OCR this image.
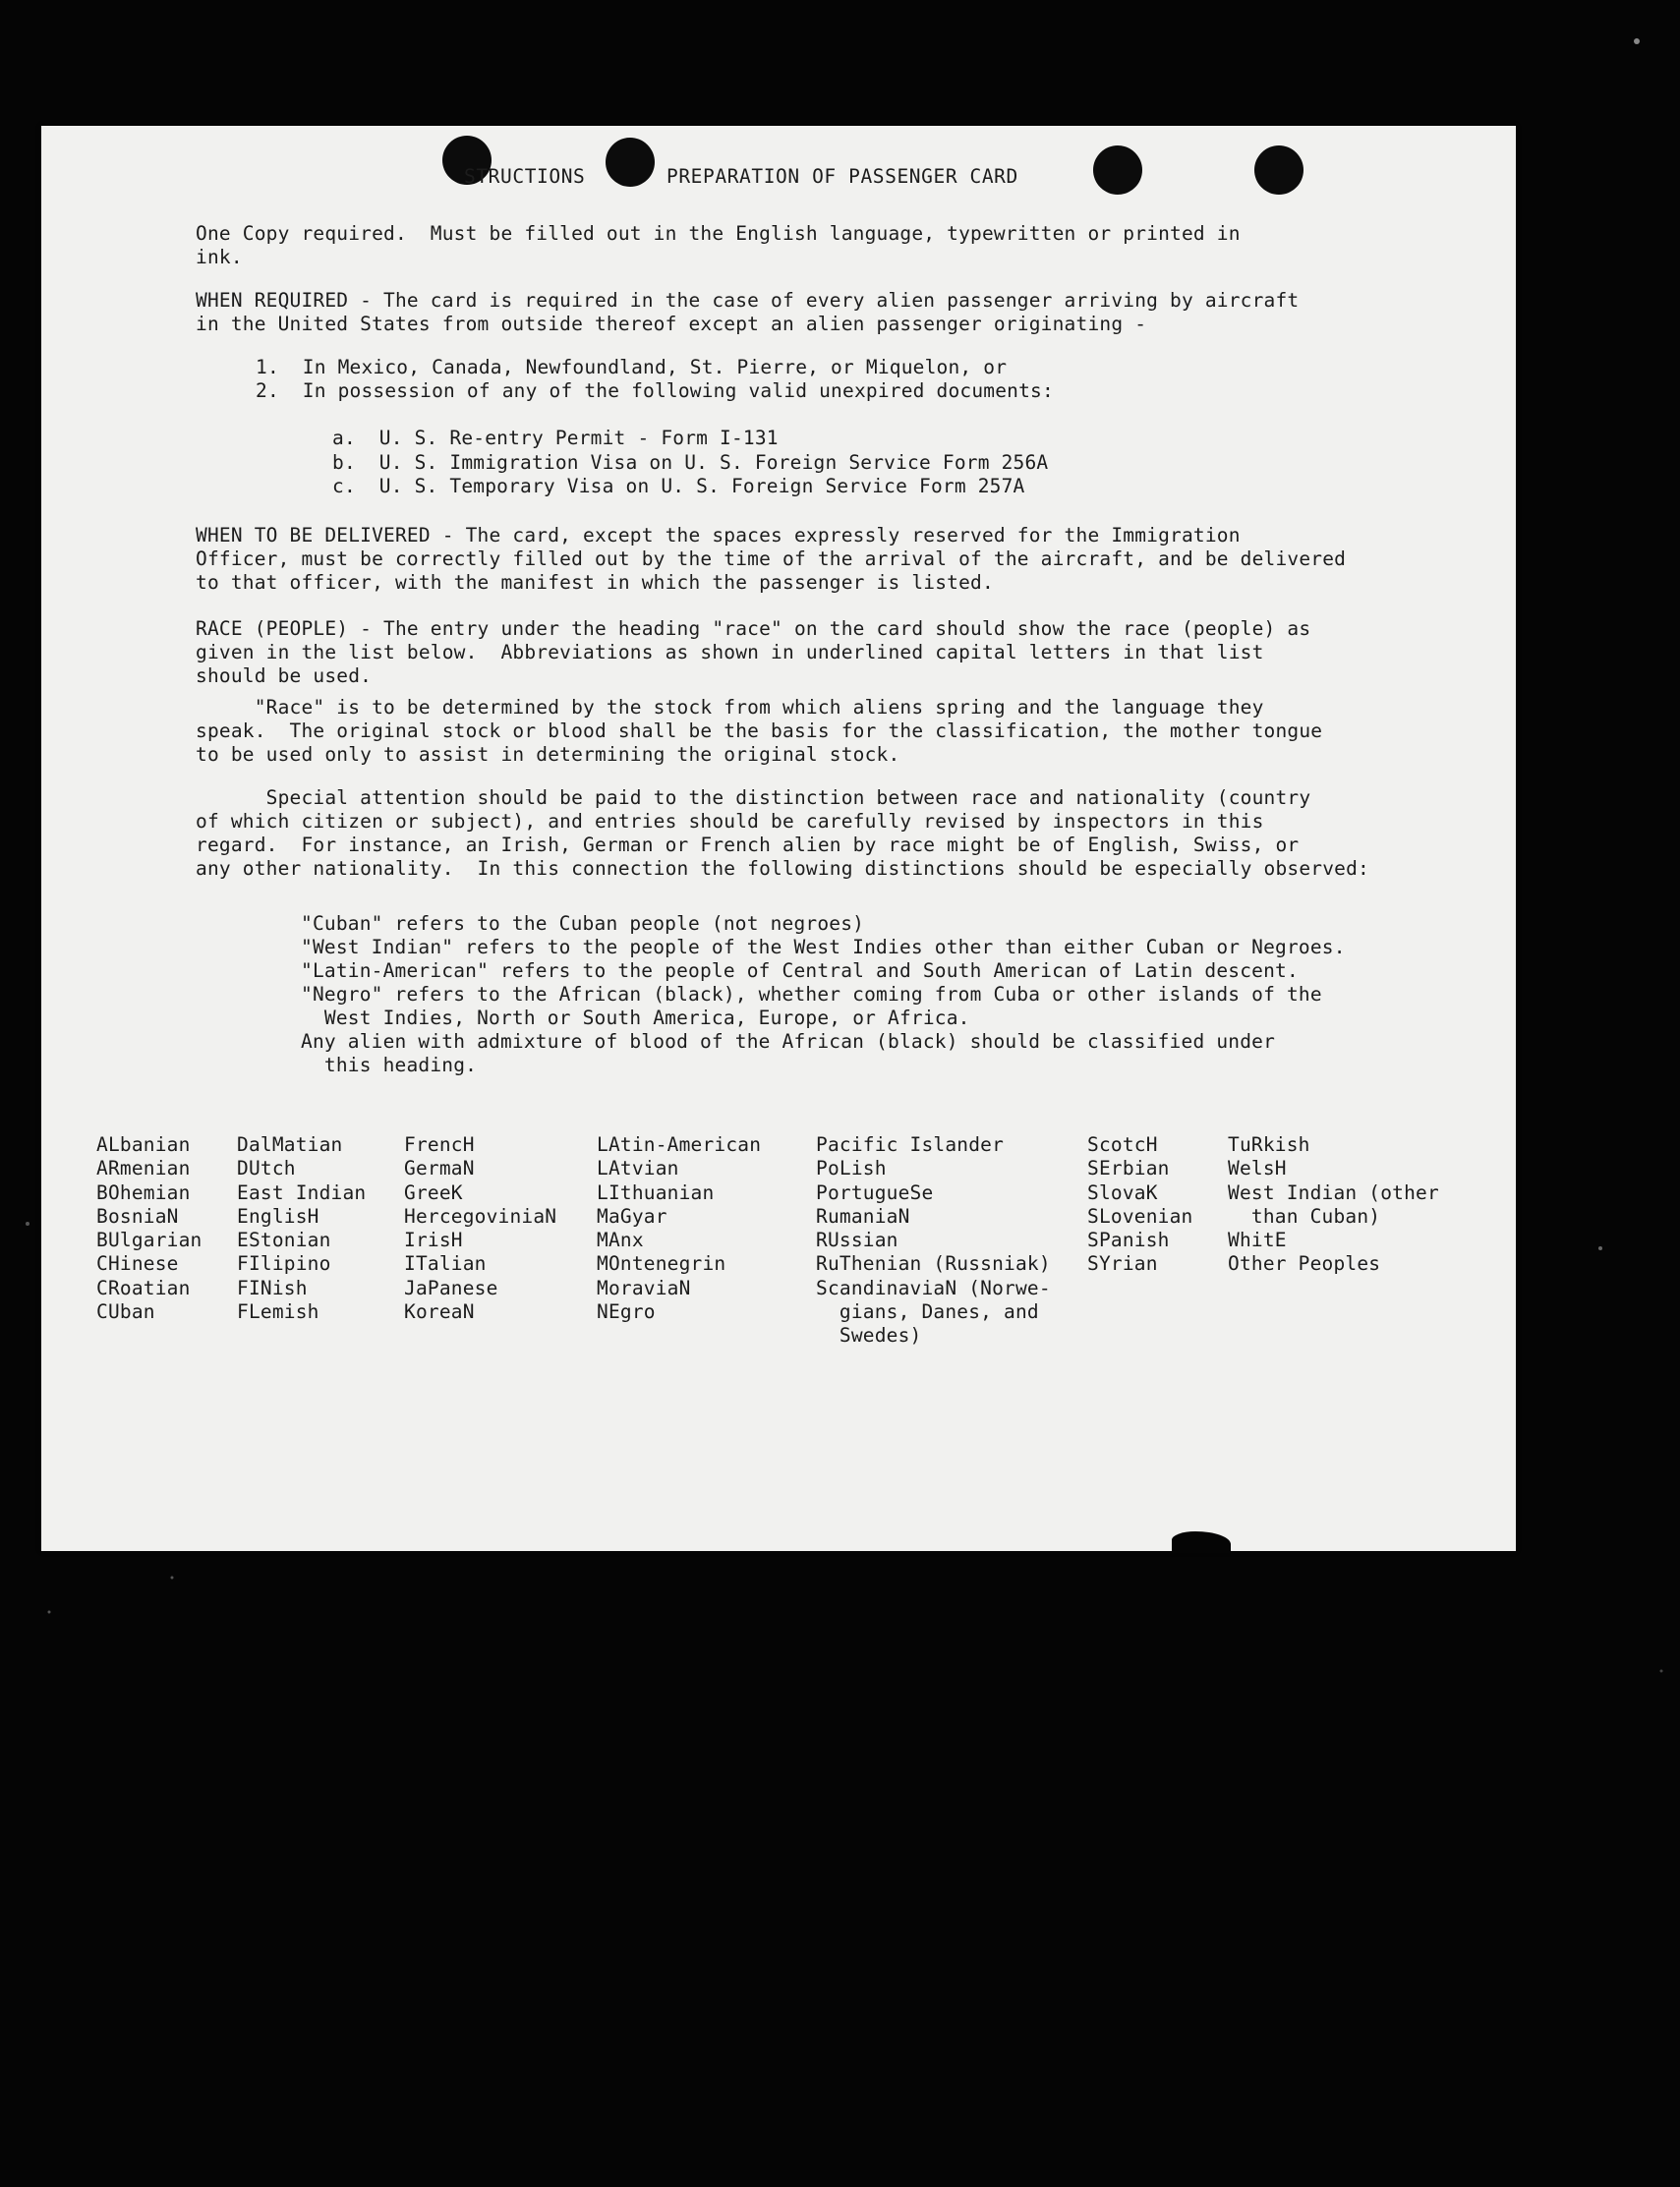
STRUCTIONS	PREPARATION OF PASSENGER CARD
One Copy required.  Must be filled out in the English language, typewritten or printed in
ink.
WHEN REQUIRED - The card is required in the case of every alien passenger arriving by aircraft
in the United States from outside thereof except an alien passenger originating -
1.  In Mexico, Canada, Newfoundland, St. Pierre, or Miquelon, or
2.  In possession of any of the following valid unexpired documents:
a.  U. S. Re-entry Permit - Form I-131
b.  U. S. Immigration Visa on U. S. Foreign Service Form 256A
c.  U. S. Temporary Visa on U. S. Foreign Service Form 257A
WHEN TO BE DELIVERED - The card, except the spaces expressly reserved for the Immigration
Officer, must be correctly filled out by the time of the arrival of the aircraft, and be delivered
to that officer, with the manifest in which the passenger is listed.
RACE (PEOPLE) - The entry under the heading "race" on the card should show the race (people) as
given in the list below.  Abbreviations as shown in underlined capital letters in that list
should be used.
"Race" is to be determined by the stock from which aliens spring and the language they
speak.  The original stock or blood shall be the basis for the classification, the mother tongue
to be used only to assist in determining the original stock.
Special attention should be paid to the distinction between race and nationality (country
of which citizen or subject), and entries should be carefully revised by inspectors in this
regard.  For instance, an Irish, German or French alien by race might be of English, Swiss, or
any other nationality.  In this connection the following distinctions should be especially observed:
"Cuban" refers to the Cuban people (not negroes)
"West Indian" refers to the people of the West Indies other than either Cuban or Negroes.
"Latin-American" refers to the people of Central and South American of Latin descent.
"Negro" refers to the African (black), whether coming from Cuba or other islands of the
West Indies, North or South America, Europe, or Africa.
Any alien with admixture of blood of the African (black) should be classified under
this heading.
ALbanian
ARmenian
BOhemian
BosniaN
BUlgarian
CHinese
CRoatian
CUban
DalMatian
DUtch
East Indian
EnglisH
EStonian
FIlipino
FINish
FLemish
FrencH
GermaN
GreeK
HercegoviniaN
IrisH
ITalian
JaPanese
KoreaN
LAtin-American
LAtvian
LIthuanian
MaGyar
MAnx
MOntenegrin
MoraviaN
NEgro
Pacific Islander
PoLish
PortugueSe
RumaniaN
RUssian
RuThenian (Russniak)
ScandinaviaN (Norwe-
gians, Danes, and
Swedes)
ScotcH
SErbian
SlovaK
SLovenian
SPanish
SYrian
TuRkish
WelsH
West Indian (other
than Cuban)
WhitE
Other Peoples
